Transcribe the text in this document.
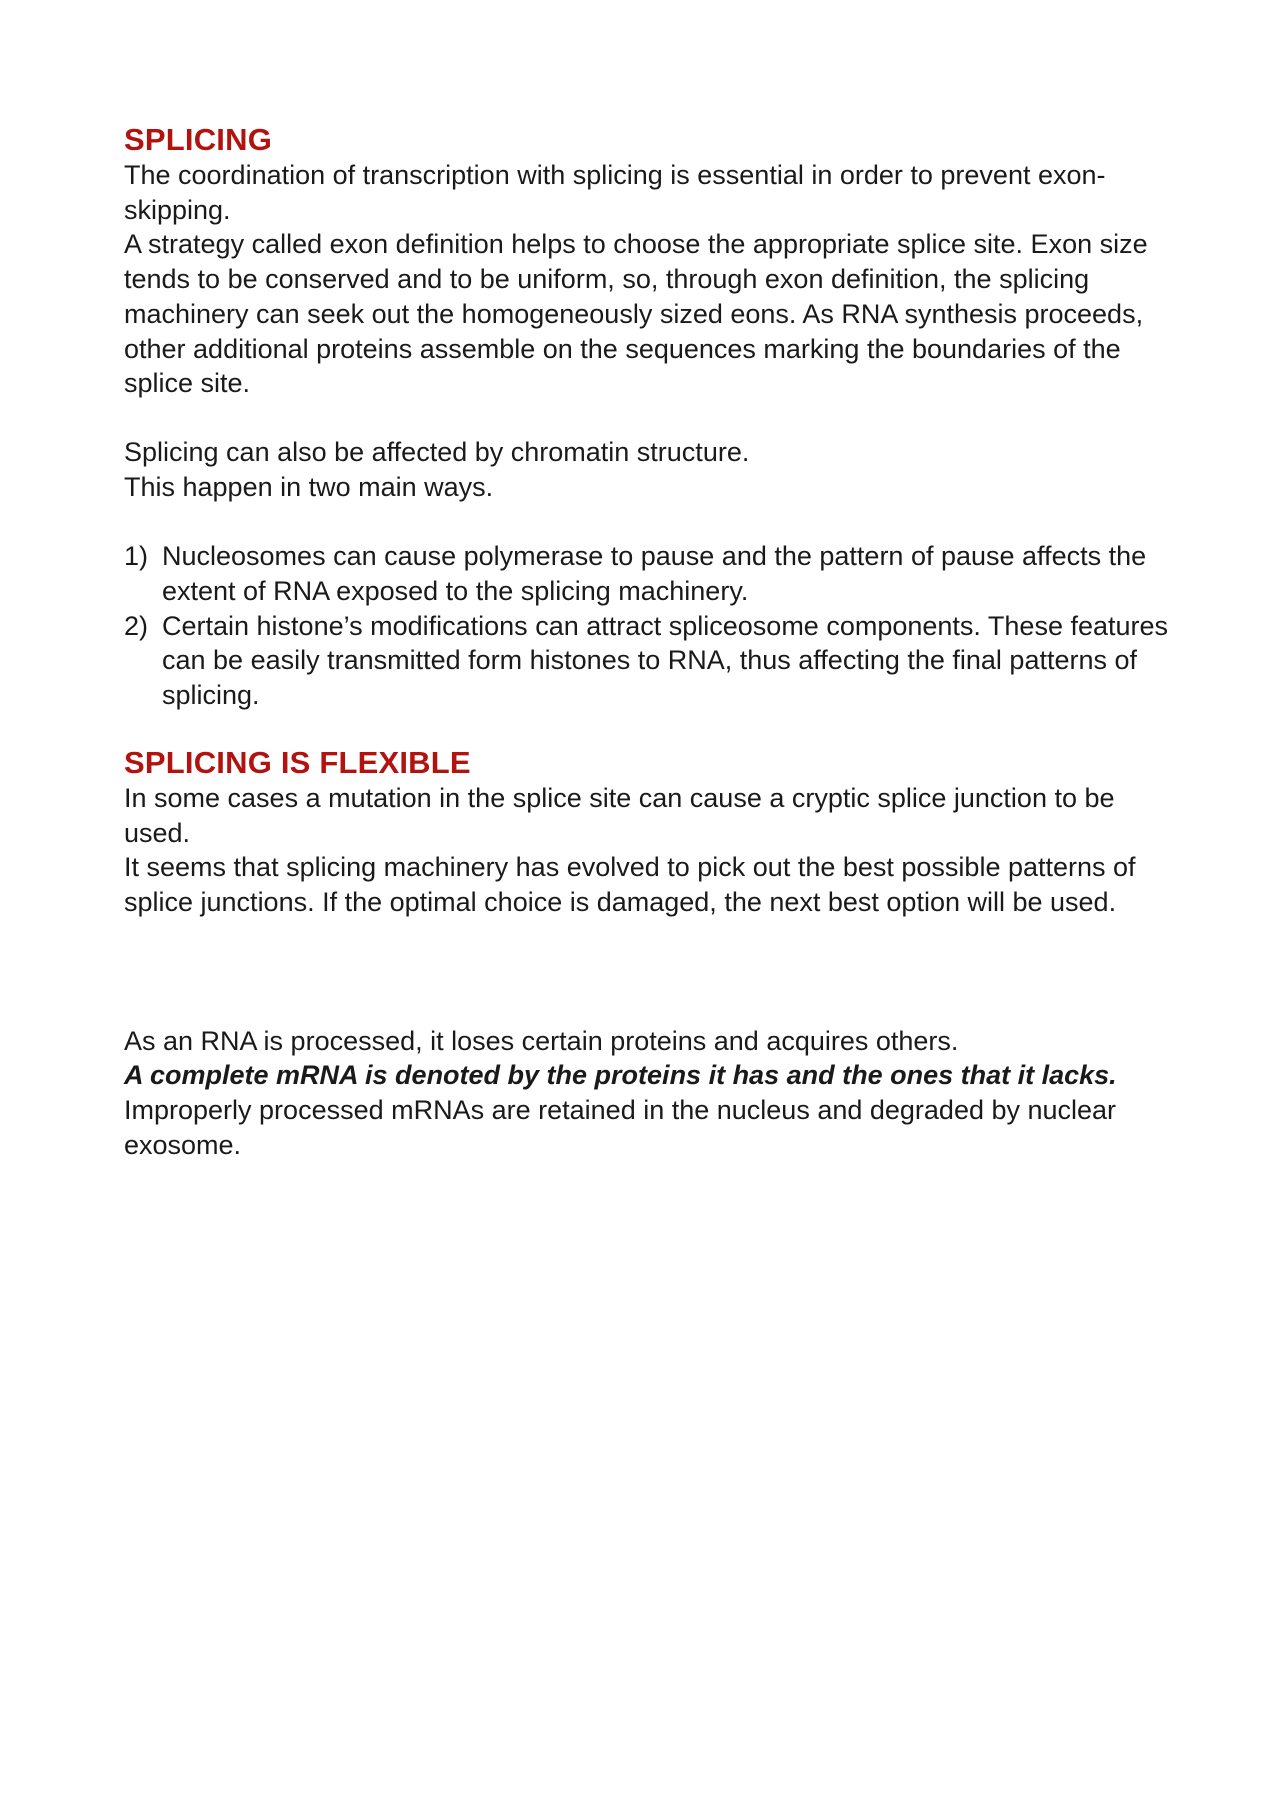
SPLICING

The coordination of transcription with splicing is essential in order to prevent exon-skipping.

A strategy called exon definition helps to choose the appropriate splice site. Exon size tends to be conserved and to be uniform, so, through exon definition, the splicing machinery can seek out the homogeneously sized eons. As RNA synthesis proceeds, other additional proteins assemble on the sequences marking the boundaries of the splice site.

Splicing can also be affected by chromatin structure.

This happen in two main ways.

1) Nucleosomes can cause polymerase to pause and the pattern of pause affects the extent of RNA exposed to the splicing machinery.
2) Certain histone’s modifications can attract spliceosome components. These features can be easily transmitted form histones to RNA, thus affecting the final patterns of splicing.
SPLICING IS FLEXIBLE

In some cases a mutation in the splice site can cause a cryptic splice junction to be used.

It seems that splicing machinery has evolved to pick out the best possible patterns of splice junctions. If the optimal choice is damaged, the next best option will be used.

As an RNA is processed, it loses certain proteins and acquires others.

A complete mRNA is denoted by the proteins it has and the ones that it lacks.

Improperly processed mRNAs are retained in the nucleus and degraded by nuclear exosome.
